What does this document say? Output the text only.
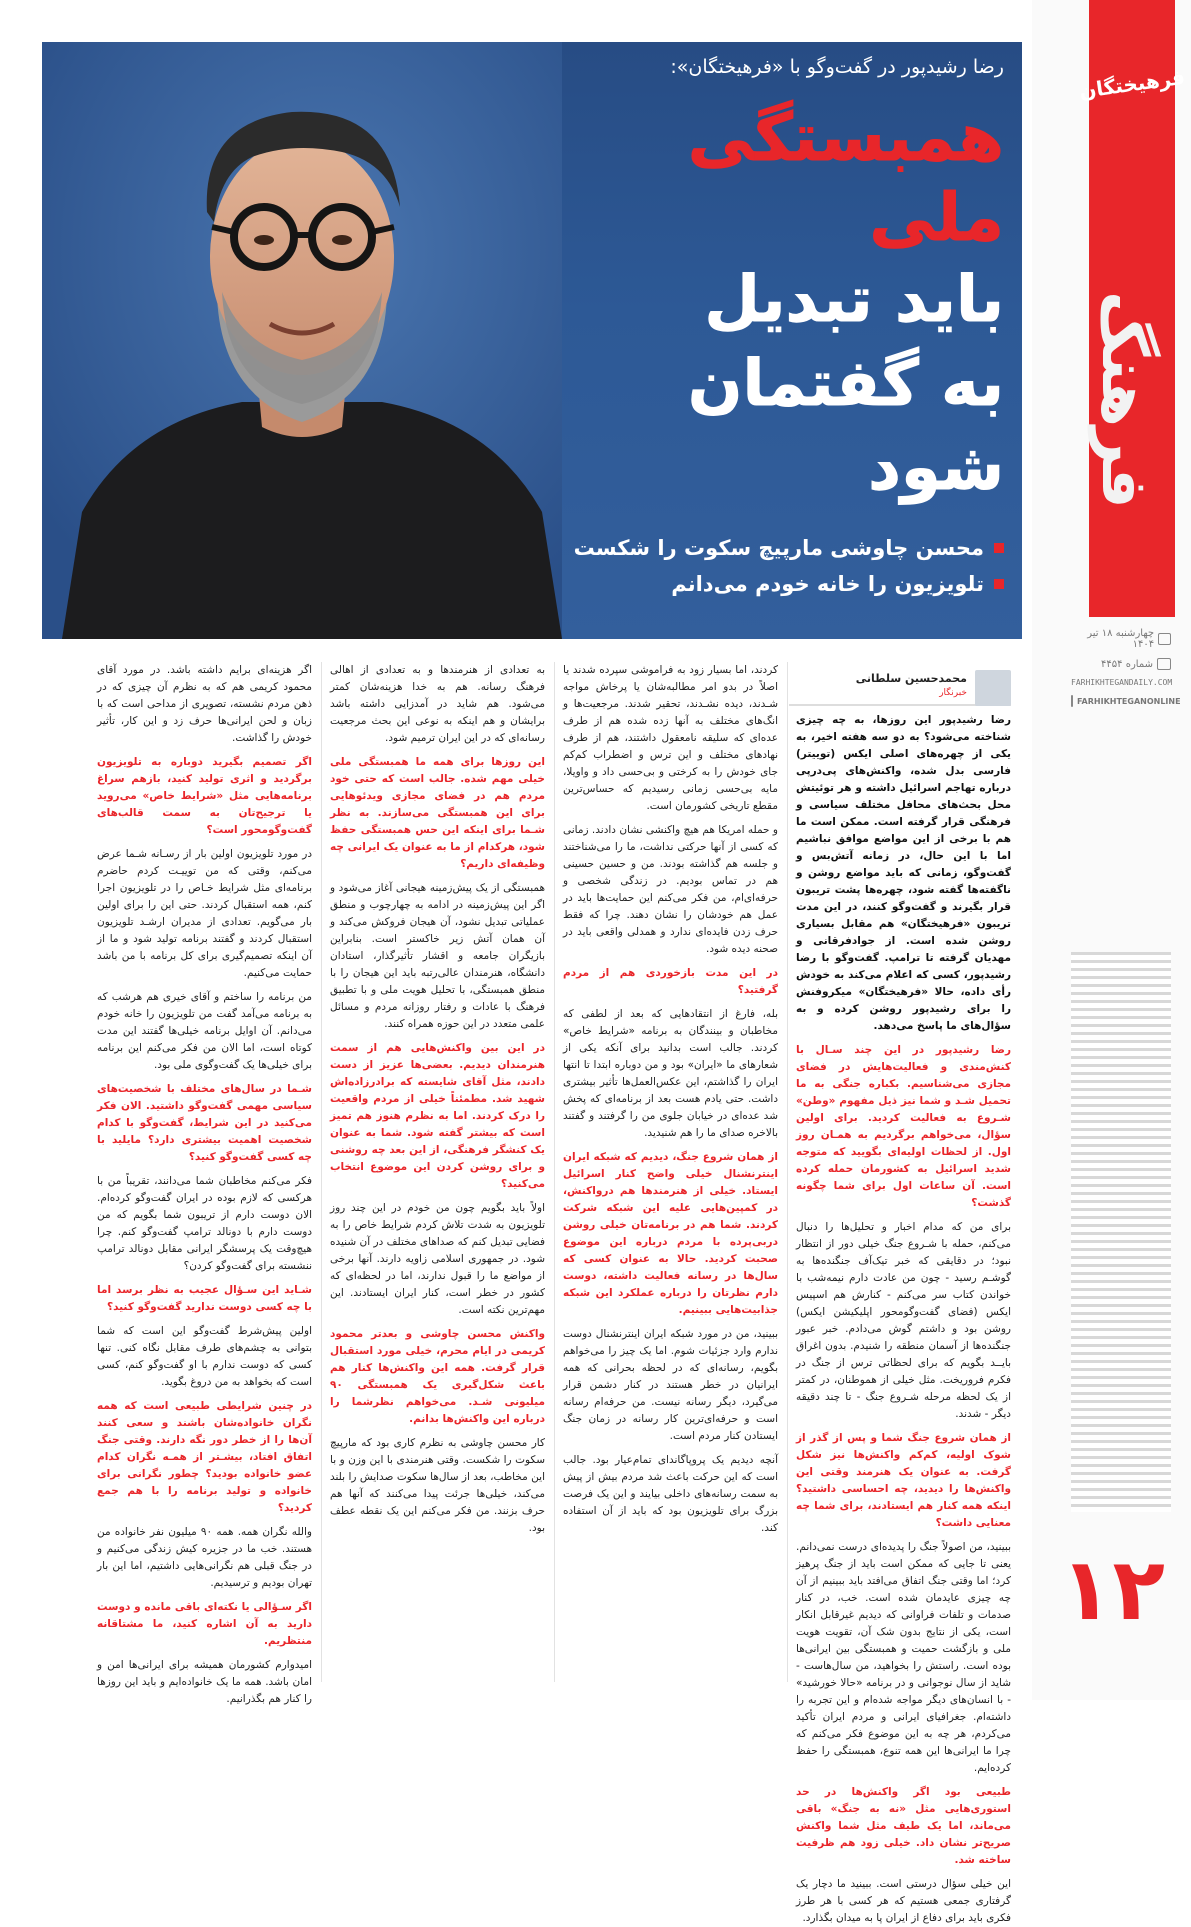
فرهیختگان
فرهنگ
چهارشنبه ۱۸ تیر ۱۴۰۴
شماره ۴۴۵۴
FARHIKHTEGANDAILY.COM
FARHIKHTEGANONLINE
۱۲
رضا رشیدپور در گفت‌وگو با «فرهیختگان»:
همبستگی ملی
باید تبدیل
به گفتمان شود
محسن چاوشی مارپیچ سکوت را شکست
تلویزیون را خانه خودم می‌دانم
محمدحسین سلطانی
خبرنگار

رضا رشیدپور این روزها، به چه چیزی شناخته می‌شود؟ به دو سه هفته اخیر، به یکی از چهره‌های اصلی ایکس (توییتر) فارسی بدل شده، واکنش‌های پی‌درپی درباره تهاجم اسرائیل داشته و هر توئیتش محل بحث‌های محافل مختلف سیاسی و فرهنگی قرار گرفته است. ممکن است ما هم با برخی از این مواضع موافق نباشیم اما با این حال، در زمانه آتش‌بس و گفت‌وگو، زمانی که باید مواضع روشن و ناگفته‌ها گفته شود، چهره‌ها پشت تریبون قرار بگیرند و گفت‌وگو کنند، در این مدت تریبون «فرهیختگان» هم مقابل بسیاری روشن شده است. از جوادفرقانی و مهدیان گرفته تا ترامپ. گفت‌وگو با رضا رشیدپور، کسی که اعلام می‌کند به خودش رأی داده، حالا «فرهیختگان» میکروفنش را برای رشیدپور روشن کرده و به سؤال‌های ما پاسخ می‌دهد.

رضا رشیدپور در این چند سـال با کنش‌مندی و فعالیت‌هایش در فضای مجازی می‌شناسیم. بکباره جنگی به ما تحمیل شـد و شما نیز ذیل مفهوم «وطن» شـروع به فعالیت کردید. برای اولین سؤال، می‌خواهم برگردیم به همـان روز اول. از لحظات اولیه‌ای بگویید که متوجه شدید اسرائیل به کشورمان حمله کرده است. آن ساعات اول برای شما چگونه گذشت؟

برای من که مدام اخبار و تحلیل‌ها را دنبال می‌کنم، حمله با شـروع جنگ خیلی دور از انتظار نبود؛ در دقایقی که خبر تیک‌آف جنگنده‌ها به گوشـم رسید - چون من عادت دارم نیمه‌شب با خواندن کتاب سر می‌کنم - کنارش هم اسپیس ایکس (فضای گفت‌وگومحور اپلیکیشن ایکس) روشن بود و داشتم گوش می‌دادم. خبر عبور جنگنده‌ها از آسمان منطقه را شنیدم. بدون اغراق بایــد بگویم که برای لحظاتی ترس از جنگ در فکرم فروریخت. مثل خیلی از هموطنان، در کمتر از یک لحظه مرحله شـروع جنگ - تا چند دقیقه دیگر - شدند.

از همان شروع جنگ شما و پس از گذر از شوک اولیه، کم‌کم واکنش‌ها نیز شکل گرفت. به عنوان یک هنرمند وقتی این واکنش‌ها را دیدید، چه احساسی داشتید؟ اینکه همه کنار هم ایستادند، برای شما چه معنایی داشت؟

ببینید، من اصولاً جنگ را پدیده‌ای درست نمی‌دانم. یعنی تا جایی که ممکن است باید از جنگ پرهیز کرد؛ اما وقتی جنگ اتفاق می‌افتد باید ببینیم از آن چه چیزی عایدمان شده است. خب، در کنار صدمات و تلفات فراوانی که دیدیم غیرقابل انکار است، یکی از نتایج بدون شک آن، تقویت هویت ملی و بازگشت حمیت و همبستگی بین ایرانی‌ها بوده است. راستش را بخواهید، من سال‌هاست - شاید از سال نوجوانی و در برنامه «حالا خورشید» - با انسان‌های دیگر مواجه شده‌ام و این تجربه را داشته‌ام. جغرافیای ایرانی و مردم ایران تأکید می‌کردم، هر چه به این موضوع فکر می‌کنم که چرا ما ایرانی‌ها این همه تنوع، همبستگی را حفظ کرده‌ایم.

طبیعی بود اگر واکنش‌ها در حد استوری‌هایی مثل «نه به جنگ» باقی می‌ماند، اما یک طیف مثل شما واکنش صریح‌تر نشان داد. خیلی زود هم ظرفیت ساخته شد.

این خیلی سؤال درستی است. ببینید ما دچار یک گرفتاری جمعی هستیم که هر کسی با هر طرز فکری باید برای دفاع از ایران پا به میدان بگذارد.

کردند، اما بسیار زود به فراموشی سپرده شدند یا اصلاً در بدو امر مطالبه‌شان یا پرخاش مواجه شـدند، دیده نشـدند، تحقیر شدند. مرجعیت‌ها و انگ‌های مختلف به آنها زده شده هم از طرف عده‌ای که سلیقه نامعقول داشتند، هم از طرف نهادهای مختلف و این ترس و اضطراب کم‌کم جای خودش را به کرختی و بی‌حسی داد و واویلا، مایه بی‌حسی زمانی رسیدیم که حساس‌ترین مقطع تاریخی کشورمان است.

و حمله امریکا هم هیچ واکنشی نشان دادند. زمانی که کسی از آنها حرکتی نداشت، ما را می‌شناختند و جلسه هم گذاشته بودند. من و حسین حسینی هم در تماس بودیم. در زندگی شخصی و حرفه‌ای‌ام، من فکر می‌کنم این حمایت‌ها باید در عمل هم خودشان را نشان دهند. چرا که فقط حرف زدن فایده‌ای ندارد و همدلی واقعی باید در صحنه دیده شود.

در این مدت بازخوردی هم از مردم گرفتید؟

بله، فارغ از انتقادهایی که بعد از لطفی که مخاطبان و بینندگان به برنامه «شرایط خاص» کردند. جالب است بدانید برای آنکه یکی از شعارهای ما «ایران» بود و من دوباره ابتدا تا انتها ایران را گذاشتم، این عکس‌العمل‌ها تأثیر بیشتری داشت. حتی یادم هست بعد از برنامه‌ای که پخش شد عده‌ای در خیابان جلوی من را گرفتند و گفتند بالاخره صدای ما را هم شنیدید.

از همان شروع جنگ، دیدیم که شبکه ایران اینترنشنال خیلی واضح کنار اسرائیل ایستاد. خیلی از هنرمندها هم درواکنش، در کمپین‌هایی علیه این شبکه شرکت کردند. شما هم در برنامه‌تان خیلی روشن دربی‌پرده با مردم درباره این موضوع صحبت کردید. حالا به عنوان کسی که سال‌ها در رسانه فعالیت داشته، دوست دارم نظرتان را درباره عملکرد این شبکه جذابیت‌هایی ببینیم.

ببینید، من در مورد شبکه ایران اینترنشنال دوست ندارم وارد جزئیات شوم. اما یک چیز را می‌خواهم بگویم، رسانه‌ای که در لحظه بحرانی که همه ایرانیان در خطر هستند در کنار دشمن قرار می‌گیرد، دیگر رسانه نیست. من حرفه‌ام رسانه است و حرفه‌ای‌ترین کار رسانه در زمان جنگ ایستادن کنار مردم است.

آنچه دیدیم یک پروپاگاندای تمام‌عیار بود. جالب است که این حرکت باعث شد مردم بیش از پیش به سمت رسانه‌های داخلی بیایند و این یک فرصت بزرگ برای تلویزیون بود که باید از آن استفاده کند.

به تعدادی از هنرمندها و به تعدادی از اهالی فرهنگ رسانه. هم به خدا هزینه‌شان کمتر می‌شود. هم شاید در آمدزایی داشته باشد برایشان و هم اینکه به نوعی این بحث مرجعیت رسانه‌ای که در این ایران ترمیم شود.

این روزها برای همه ما همبستگی ملی خیلی مهم شده. جالب است که حتی خود مردم هم در فضای مجازی ویدئوهایی برای این همبستگی می‌سازند. به نظر شـما برای اینکه این حس همبستگی حفظ شود، هرکدام از ما به عنوان یک ایرانی چه وظیفه‌ای داریم؟

همبستگی از یک پیش‌زمینه هیجانی آغاز می‌شود و اگر این پیش‌زمینه در ادامه به چهارچوب و منطق عملیاتی تبدیل نشود، آن هیجان فروکش می‌کند و آن همان آتش زیر خاکستر است. بنابراین بازیگران جامعه و اقشار تأثیرگذار، استادان دانشگاه، هنرمندان عالی‌رتبه باید این هیجان را با منطق همبستگی، با تحلیل هویت ملی و با تطبیق فرهنگ با عادات و رفتار روزانه مردم و مسائل علمی متعدد در این حوزه همراه کنند.

در این بین واکنش‌هایی هم از سمت هنرمندان دیدیم. بعضی‌ها عزیز از دست دادند، مثل آقای شایسته که برادرزاده‌اش شهید شد. مطمئناً خیلی از مردم واقعیت را درک کردند. اما به نظرم هنوز هم تمیز است که بیشتر گفته شود. شما به عنوان یک کنشگر فرهنگی، از این بعد چه روشنی و برای روشن کردن این موضوع انتخاب می‌کنید؟

اولاً باید بگویم چون من خودم در این چند روز تلویزیون به شدت تلاش کردم شرایط خاص را به فضایی تبدیل کنم که صداهای مختلف در آن شنیده شود. در جمهوری اسلامی زاویه دارند. آنها برخی از مواضع ما را قبول ندارند، اما در لحظه‌ای که کشور در خطر است، کنار ایران ایستادند. این مهم‌ترین نکته است.

واکنش محسن چاوشی و بعدتر محمود کریمی در ایام محرم، خیلی مورد استقبال قرار گرفت. همه این واکنش‌ها کنار هم باعث شکل‌گیری یک همبستگی ۹۰ میلیونی شـد. می‌خواهم نظرشما را درباره این واکنش‌ها بدانم.

کار محسن چاوشی به نظرم کاری بود که مارپیچ سکوت را شکست. وقتی هنرمندی با این وزن و با این مخاطب، بعد از سال‌ها سکوت صدایش را بلند می‌کند، خیلی‌ها جرئت پیدا می‌کنند که آنها هم حرف بزنند. من فکر می‌کنم این یک نقطه عطف بود.

اگر هزینه‌ای برایم داشته باشد. در مورد آقای محمود کریمی هم که به نظرم آن چیزی که در ذهن مردم نشسته، تصویری از مداحی است که با زبان و لحن ایرانی‌ها حرف زد و این کار، تأثیر خودش را گذاشت.

اگر تصمیم بگیرید دوباره به تلویزیون برگردید و اثری تولید کنید، بازهم سراغ برنامه‌هایی مثل «شرایط خاص» می‌روید یا ترجیح‌تان به سمت قالب‌های گفت‌وگو‌محور است؟

در مورد تلویزیون اولین بار از رسـانه شـما عرض می‌کنم، وقتی که من توییـت کردم حاضرم برنامه‌ای مثل شرایط خـاص را در تلویزیون اجرا کنم، همه استقبال کردند. حتی این را برای اولین بار می‌گویم. تعدادی از مدیران ارشـد تلویزیون استقبال کردند و گفتند برنامه تولید شود و ما از آن اینکه تصمیم‌گیری برای کل برنامه با من باشد حمایت می‌کنیم.

من برنامه را ساختم و آقای خیری هم هرشب که به برنامه می‌آمد گفت من تلویزیون را خانه خودم می‌دانم. آن اوایل برنامه خیلی‌ها گفتند این مدت کوتاه است، اما الان من فکر می‌کنم این برنامه برای خیلی‌ها یک گفت‌وگوی ملی بود.

شـما در سال‌های مختلف با شخصیت‌های سیاسی مهمی گفت‌وگو داشتید. الان فکر می‌کنید در این شرایط، گفت‌وگو با کدام شخصیت اهمیت بیشتری دارد؟ مایلید با چه کسی گفت‌وگو کنید؟

فکر می‌کنم مخاطبان شما می‌دانند، تقریباً من با هرکسی که لازم بوده در ایران گفت‌وگو کرده‌ام. الان دوست دارم از تریبون شما بگویم که من دوست دارم با دونالد ترامپ گفت‌وگو کنم. چرا هیچ‌وقت یک پرسشگر ایرانی مقابل دونالد ترامپ ننشسته برای گفت‌وگو کردن؟

شـاید این سـؤال عجیب به نظر برسد اما با چه کسی دوست ندارید گفت‌وگو کنید؟

اولین پیش‌شرط گفت‌وگو این است که شما بتوانی به چشم‌های طرف مقابل نگاه کنی. تنها کسی که دوست ندارم با او گفت‌وگو کنم، کسی است که بخواهد به من دروغ بگوید.

در چنین شرایطی طبیعی است که همه نگران خانواده‌شان باشند و سعی کنند آن‌ها را از خطر دور نگه دارند. وقتی جنگ اتفاق افتاد، بیشـتر از همـه نگران کدام عضو خانواده بودید؟ چطور نگرانی برای خانواده و تولید برنامه را با هم جمع کردید؟

والله نگران همه. همه ۹۰ میلیون نفر خانواده من هستند. خب ما در جزیره کیش زندگی می‌کنیم و در جنگ قبلی هم نگرانی‌هایی داشتیم، اما این بار تهران بودیم و ترسیدیم.

اگر سـؤالی یا نکته‌ای باقی مانده و دوست دارید به آن اشاره کنید، ما مشتاقانه منتظریم.

امیدوارم کشورمان همیشه برای ایرانی‌ها امن و امان باشد. همه ما یک خانواده‌ایم و باید این روزها را کنار هم بگذرانیم.
